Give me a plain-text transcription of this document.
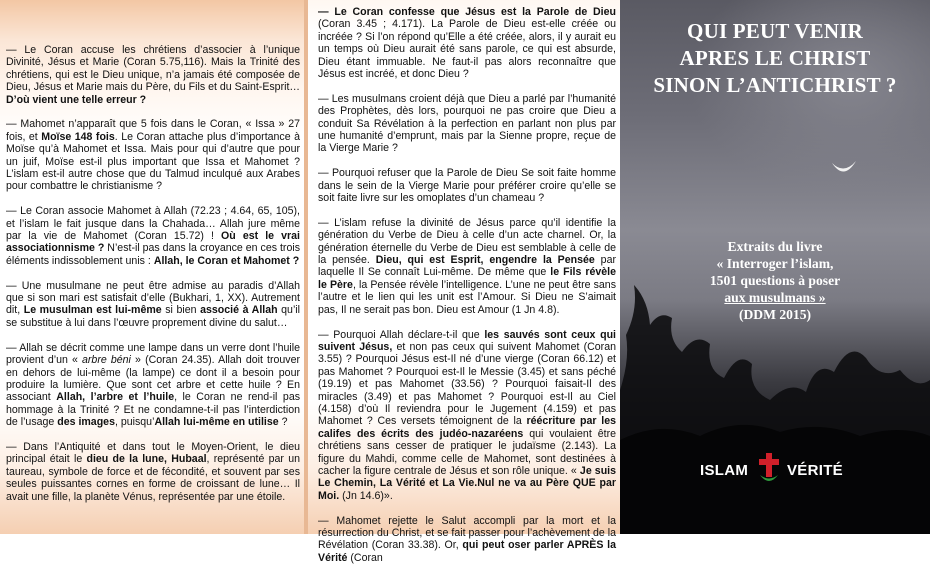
— Le Coran accuse les chrétiens d’associer à l’unique Divinité, Jésus et Marie (Coran 5.75,116). Mais la Trinité des chrétiens, qui est le Dieu unique, n’a jamais été composée de Dieu, Jésus et Marie mais du Père, du Fils et du Saint-Esprit… D’où vient une telle erreur ?

— Mahomet n’apparaît que 5 fois dans le Coran, « Issa » 27 fois, et Moïse 148 fois. Le Coran attache plus d’importance à Moïse qu’à Mahomet et Issa. Mais pour qui d’autre que pour un juif, Moïse est-il plus important que Issa et Mahomet ? L’islam est-il autre chose que du Talmud inculqué aux Arabes pour combattre le christianisme ?

— Le Coran associe Mahomet à Allah (72.23 ; 4.64, 65, 105), et l’islam le fait jusque dans la Chahada… Allah jure même par la vie de Mahomet (Coran 15.72) ! Où est le vrai associationnisme ? N’est-il pas dans la croyance en ces trois éléments indissoblement unis : Allah, le Coran et Mahomet ?

— Une musulmane ne peut être admise au paradis d’Allah que si son mari est satisfait d’elle (Bukhari, 1, XX). Autrement dit, Le musulman est lui-même si bien associé à Allah qu’il se substitue à lui dans l’œuvre proprement divine du salut…

— Allah se décrit comme une lampe dans un verre dont l’huile provient d’un « arbre béni » (Coran 24.35). Allah doit trouver en dehors de lui-même (la lampe) ce dont il a besoin pour produire la lumière. Que sont cet arbre et cette huile ? En associant Allah, l’arbre et l’huile, le Coran ne rend-il pas hommage à la Trinité ? Et ne condamne-t-il pas l’interdiction de l’usage des images, puisqu’Allah lui-même en utilise ?

— Dans l’Antiquité et dans tout le Moyen-Orient, le dieu principal était le dieu de la lune, Hubaal, représenté par un taureau, symbole de force et de fécondité, et souvent par ses seules puissantes cornes en forme de croissant de lune… Il avait une fille, la planète Vénus, représentée par une étoile.

— Le Coran confesse que Jésus est la Parole de Dieu (Coran 3.45 ; 4.171). La Parole de Dieu est-elle créée ou incréée ? Si l’on répond qu’Elle a été créée, alors, il y aurait eu un temps où Dieu aurait été sans parole, ce qui est absurde, Dieu étant immuable. Ne faut-il pas alors reconnaître que Jésus est incréé, et donc Dieu ?

— Les musulmans croient déjà que Dieu a parlé par l’humanité des Prophètes, dès lors, pourquoi ne pas croire que Dieu a conduit Sa Révélation à la perfection en parlant non plus par une humanité d’emprunt, mais par la Sienne propre, reçue de la Vierge Marie ?

— Pourquoi refuser que la Parole de Dieu Se soit faite homme dans le sein de la Vierge Marie pour préférer croire qu’elle se soit faite livre sur les omoplates d’un chameau ?

— L’islam refuse la divinité de Jésus parce qu’il identifie la génération du Verbe de Dieu à celle d’un acte charnel. Or, la génération éternelle du Verbe de Dieu est semblable à celle de la pensée. Dieu, qui est Esprit, engendre la Pensée par laquelle Il Se connaît Lui-même. De même que le Fils révèle le Père, la Pensée révèle l’intelligence. L’une ne peut être sans l’autre et le lien qui les unit est l’Amour. Si Dieu ne S’aimait pas, Il ne serait pas bon. Dieu est Amour (1 Jn 4.8).

— Pourquoi Allah déclare-t-il que les sauvés sont ceux qui suivent Jésus, et non pas ceux qui suivent Mahomet (Coran 3.55) ? Pourquoi Jésus est-Il né d’une vierge (Coran 66.12) et pas Mahomet ? Pourquoi est-Il le Messie (3.45) et sans péché (19.19) et pas Mahomet (33.56) ? Pourquoi faisait-Il des miracles (3.49) et pas Mahomet ? Pourquoi est-Il au Ciel (4.158) d’où Il reviendra pour le Jugement (4.159) et pas Mahomet ? Ces versets témoignent de la réécriture par les califes des écrits des judéo-nazaréens qui voulaient être chrétiens sans cesser de pratiquer le judaïsme (2.143). La figure du Mahdi, comme celle de Mahomet, sont destinées à cacher la figure centrale de Jésus et son rôle unique. « Je suis Le Chemin, La Vérité et La Vie.Nul ne va au Père QUE par Moi. (Jn 14.6)».

— Mahomet rejette le Salut accompli par la mort et la résurrection du Christ, et se fait passer pour l’achèvement de la Révélation (Coran 33.38). Or, qui peut oser parler APRÈS la Vérité (Coran

QUI PEUT VENIR
APRES LE CHRIST
SINON L’ANTICHRIST ?
Extraits du livre
« Interroger l’islam,
1501 questions à poser
aux musulmans »
(DDM 2015)
ISLAM	VÉRITÉ
